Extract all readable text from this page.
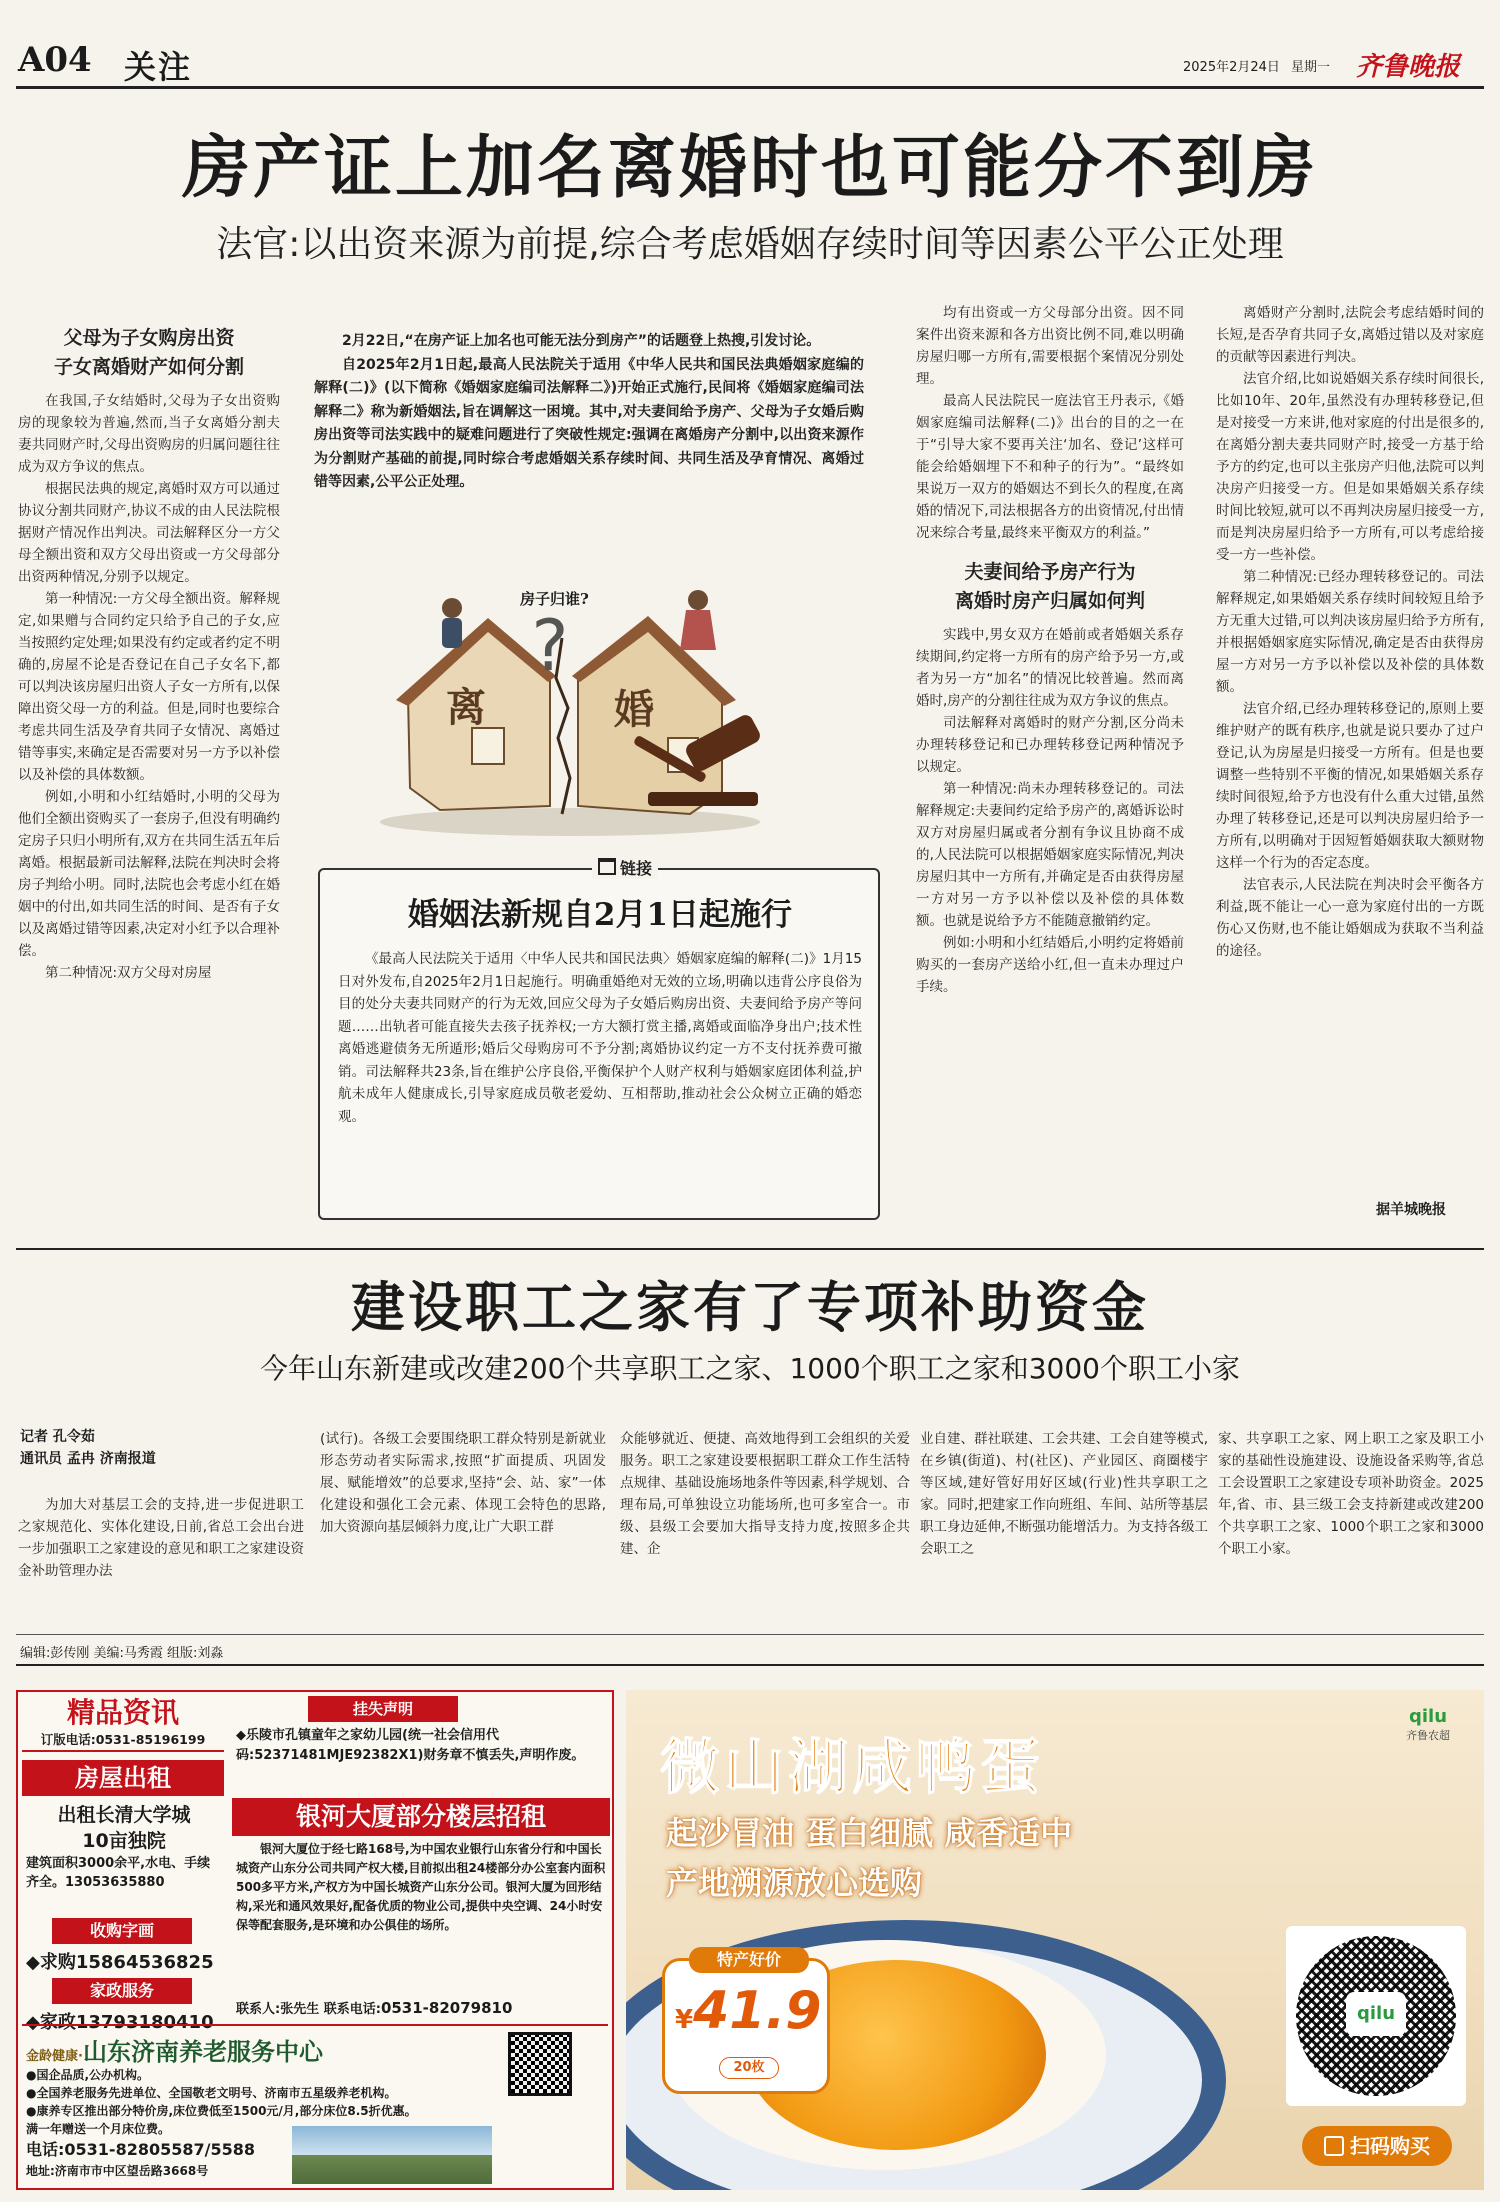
A04 关注	2025年2月24日 星期一 齐鲁晚报
房产证上加名离婚时也可能分不到房
法官:以出资来源为前提,综合考虑婚姻存续时间等因素公平公正处理
父母为子女购房出资
子女离婚财产如何分割

在我国,子女结婚时,父母为子女出资购房的现象较为普遍,然而,当子女离婚分割夫妻共同财产时,父母出资购房的归属问题往往成为双方争议的焦点。

根据民法典的规定,离婚时双方可以通过协议分割共同财产,协议不成的由人民法院根据财产情况作出判决。司法解释区分一方父母全额出资和双方父母出资或一方父母部分出资两种情况,分别予以规定。

第一种情况:一方父母全额出资。解释规定,如果赠与合同约定只给予自己的子女,应当按照约定处理;如果没有约定或者约定不明确的,房屋不论是否登记在自己子女名下,都可以判决该房屋归出资人子女一方所有,以保障出资父母一方的利益。但是,同时也要综合考虑共同生活及孕育共同子女情况、离婚过错等事实,来确定是否需要对另一方予以补偿以及补偿的具体数额。

例如,小明和小红结婚时,小明的父母为他们全额出资购买了一套房子,但没有明确约定房子只归小明所有,双方在共同生活五年后离婚。根据最新司法解释,法院在判决时会将房子判给小明。同时,法院也会考虑小红在婚姻中的付出,如共同生活的时间、是否有子女以及离婚过错等因素,决定对小红予以合理补偿。

第二种情况:双方父母对房屋

2月22日,“在房产证上加名也可能无法分到房产”的话题登上热搜,引发讨论。

自2025年2月1日起,最高人民法院关于适用《中华人民共和国民法典婚姻家庭编的解释(二)》(以下简称《婚姻家庭编司法解释二》)开始正式施行,民间将《婚姻家庭编司法解释二》称为新婚姻法,旨在调解这一困境。其中,对夫妻间给予房产、父母为子女婚后购房出资等司法实践中的疑难问题进行了突破性规定:强调在离婚房产分割中,以出资来源作为分割财产基础的前提,同时综合考虑婚姻关系存续时间、共同生活及孕育情况、离婚过错等因素,公平公正处理。

?
房子归谁?
离	婚
链接
婚姻法新规自2月1日起施行
《最高人民法院关于适用〈中华人民共和国民法典〉婚姻家庭编的解释(二)》1月15日对外发布,自2025年2月1日起施行。明确重婚绝对无效的立场,明确以违背公序良俗为目的处分夫妻共同财产的行为无效,回应父母为子女婚后购房出资、夫妻间给予房产等问题……出轨者可能直接失去孩子抚养权;一方大额打赏主播,离婚或面临净身出户;技术性离婚逃避债务无所遁形;婚后父母购房可不予分割;离婚协议约定一方不支付抚养费可撤销。司法解释共23条,旨在维护公序良俗,平衡保护个人财产权利与婚姻家庭团体利益,护航未成年人健康成长,引导家庭成员敬老爱幼、互相帮助,推动社会公众树立正确的婚恋观。

均有出资或一方父母部分出资。因不同案件出资来源和各方出资比例不同,难以明确房屋归哪一方所有,需要根据个案情况分别处理。

最高人民法院民一庭法官王丹表示,《婚姻家庭编司法解释(二)》出台的目的之一在于“引导大家不要再关注‘加名、登记’这样可能会给婚姻埋下不和种子的行为”。“最终如果说万一双方的婚姻达不到长久的程度,在离婚的情况下,司法根据各方的出资情况,付出情况来综合考量,最终来平衡双方的利益。”

夫妻间给予房产行为
离婚时房产归属如何判

实践中,男女双方在婚前或者婚姻关系存续期间,约定将一方所有的房产给予另一方,或者为另一方“加名”的情况比较普遍。然而离婚时,房产的分割往往成为双方争议的焦点。

司法解释对离婚时的财产分割,区分尚未办理转移登记和已办理转移登记两种情况予以规定。

第一种情况:尚未办理转移登记的。司法解释规定:夫妻间约定给予房产的,离婚诉讼时双方对房屋归属或者分割有争议且协商不成的,人民法院可以根据婚姻家庭实际情况,判决房屋归其中一方所有,并确定是否由获得房屋一方对另一方予以补偿以及补偿的具体数额。也就是说给予方不能随意撤销约定。

例如:小明和小红结婚后,小明约定将婚前购买的一套房产送给小红,但一直未办理过户手续。

离婚财产分割时,法院会考虑结婚时间的长短,是否孕育共同子女,离婚过错以及对家庭的贡献等因素进行判决。

法官介绍,比如说婚姻关系存续时间很长,比如10年、20年,虽然没有办理转移登记,但是对接受一方来讲,他对家庭的付出是很多的,在离婚分割夫妻共同财产时,接受一方基于给予方的约定,也可以主张房产归他,法院可以判决房产归接受一方。但是如果婚姻关系存续时间比较短,就可以不再判决房屋归接受一方,而是判决房屋归给予一方所有,可以考虑给接受一方一些补偿。

第二种情况:已经办理转移登记的。司法解释规定,如果婚姻关系存续时间较短且给予方无重大过错,可以判决该房屋归给予方所有,并根据婚姻家庭实际情况,确定是否由获得房屋一方对另一方予以补偿以及补偿的具体数额。

法官介绍,已经办理转移登记的,原则上要维护财产的既有秩序,也就是说只要办了过户登记,认为房屋是归接受一方所有。但是也要调整一些特别不平衡的情况,如果婚姻关系存续时间很短,给予方也没有什么重大过错,虽然办理了转移登记,还是可以判决房屋归给予一方所有,以明确对于因短暂婚姻获取大额财物这样一个行为的否定态度。

法官表示,人民法院在判决时会平衡各方利益,既不能让一心一意为家庭付出的一方既伤心又伤财,也不能让婚姻成为获取不当利益的途径。

据羊城晚报
建设职工之家有了专项补助资金
今年山东新建或改建200个共享职工之家、1000个职工之家和3000个职工小家
记者 孔令茹
通讯员 孟冉 济南报道
为加大对基层工会的支持,进一步促进职工之家规范化、实体化建设,日前,省总工会出台进一步加强职工之家建设的意见和职工之家建设资金补助管理办法
(试行)。各级工会要围绕职工群众特别是新就业形态劳动者实际需求,按照“扩面提质、巩固发展、赋能增效”的总要求,坚持“会、站、家”一体化建设和强化工会元素、体现工会特色的思路,加大资源向基层倾斜力度,让广大职工群
众能够就近、便捷、高效地得到工会组织的关爱服务。职工之家建设要根据职工群众工作生活特点规律、基础设施场地条件等因素,科学规划、合理布局,可单独设立功能场所,也可多室合一。市级、县级工会要加大指导支持力度,按照多企共建、企
业自建、群社联建、工会共建、工会自建等模式,在乡镇(街道)、村(社区)、产业园区、商圈楼宇等区域,建好管好用好区域(行业)性共享职工之家。同时,把建家工作向班组、车间、站所等基层职工身边延伸,不断强功能增活力。为支持各级工会职工之
家、共享职工之家、网上职工之家及职工小家的基础性设施建设、设施设备采购等,省总工会设置职工之家建设专项补助资金。2025年,省、市、县三级工会支持新建或改建200个共享职工之家、1000个职工之家和3000个职工小家。
编辑:彭传刚 美编:马秀霞 组版:刘淼
精品资讯
订版电话:0531-85196199
房屋出租
出租长清大学城
10亩独院
建筑面积3000余平,水电、手续齐全。13053635880
收购字画
◆求购15864536825
家政服务
◆家政13793180410
挂失声明
◆乐陵市孔镇童年之家幼儿园(统一社会信用代码:52371481MJE92382X1)财务章不慎丢失,声明作废。
银河大厦部分楼层招租
银河大厦位于经七路168号,为中国农业银行山东省分行和中国长城资产山东分公司共同产权大楼,目前拟出租24楼部分办公室套内面积500多平方米,产权方为中国长城资产山东分公司。银河大厦为回形结构,采光和通风效果好,配备优质的物业公司,提供中央空调、24小时安保等配套服务,是环境和办公俱佳的场所。
联系人:张先生 联系电话:0531-82079810
金龄健康·山东济南养老服务中心
●国企品质,公办机构。
●全国养老服务先进单位、全国敬老文明号、济南市五星级养老机构。
●康养专区推出部分特价房,床位费低至1500元/月,部分床位8.5折优惠。
满一年赠送一个月床位费。
电话:0531-82805587/5588
地址:济南市市中区望岳路3668号
微山湖咸鸭蛋
起沙冒油 蛋白细腻 咸香适中
产地溯源放心选购
特产好价
¥41.9
20枚
qilu
齐鲁农超
qilu
扫码购买
